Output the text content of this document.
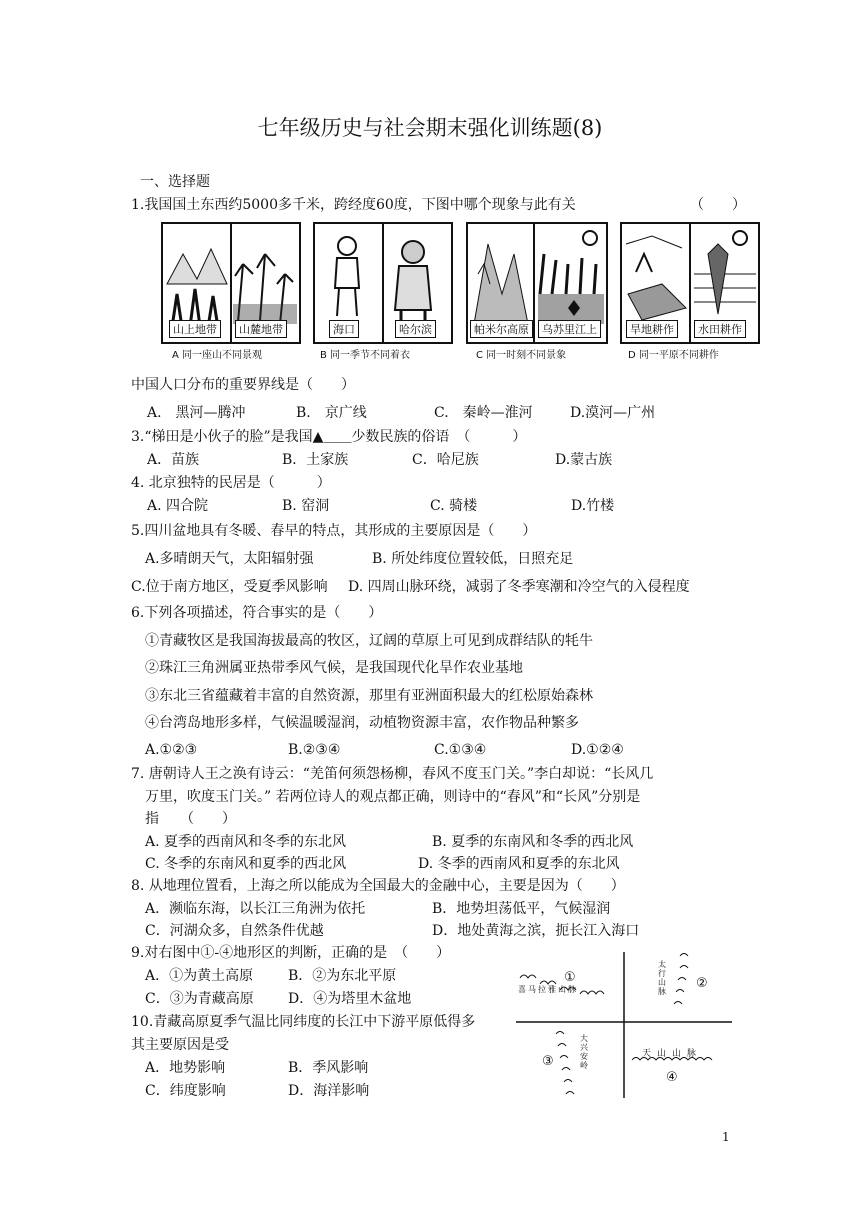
七年级历史与社会期末强化训练题(8)
一、选择题
1.我国国土东西约5000多千米，跨经度60度，下图中哪个现象与此有关	（　　）
山上地带	山麓地带
A 同一座山不同景观
海口	哈尔滨
B 同一季节不同着衣
帕米尔高原	乌苏里江上
C 同一时刻不同景象
旱地耕作	水田耕作
D 同一平原不同耕作
中国人口分布的重要界线是（　　）
A.　黑河—腾冲	B.　京广线	C.　秦岭—淮河	D.漠河—广州
3.“梯田是小伙子的脸”是我国▲＿＿少数民族的俗语　（　　　）
A．苗族	B．土家族	C．哈尼族	D.蒙古族
4. 北京独特的民居是（　　　）
A. 四合院	B. 窑洞	C. 骑楼	D.竹楼
5.四川盆地具有冬暖、春早的特点，其形成的主要原因是（　　）
A.多晴朗天气，太阳辐射强	B. 所处纬度位置较低，日照充足
C.位于南方地区，受夏季风影响 D. 四周山脉环绕，减弱了冬季寒潮和冷空气的入侵程度
6.下列各项描述，符合事实的是（　　）
①青藏牧区是我国海拔最高的牧区，辽阔的草原上可见到成群结队的牦牛
②珠江三角洲属亚热带季风气候，是我国现代化旱作农业基地
③东北三省蕴藏着丰富的自然资源，那里有亚洲面积最大的红松原始森林
④台湾岛地形多样，气候温暖湿润，动植物资源丰富，农作物品种繁多
A.①②③	B.②③④	C.①③④	D.①②④
7. 唐朝诗人王之涣有诗云：“羌笛何须怨杨柳，春风不度玉门关。”李白却说：“长风几
万里，吹度玉门关。” 若两位诗人的观点都正确，则诗中的“春风”和“长风”分别是
指　　（　　）
A. 夏季的西南风和冬季的东北风	B. 夏季的东南风和冬季的西北风
C. 冬季的东南风和夏季的西北风	D. 冬季的西南风和夏季的东北风
8. 从地理位置看，上海之所以能成为全国最大的金融中心，主要是因为（　　）
A．濒临东海，以长江三角洲为依托	B．地势坦荡低平，气候湿润
C．河湖众多，自然条件优越	D．地处黄海之滨，扼长江入海口
9.对右图中①-④地形区的判断，正确的是　（　　）
A．①为黄土高原 B．②为东北平原
C．③为青藏高原 D．④为塔里木盆地
10.青藏高原夏季气温比同纬度的长江中下游平原低得多
其主要原因是受
A．地势影响	B．季风影响
C．纬度影响	D．海洋影响
①	②
③
④
喜马拉雅山脉
太行山脉
大兴安岭
天山山脉
1
